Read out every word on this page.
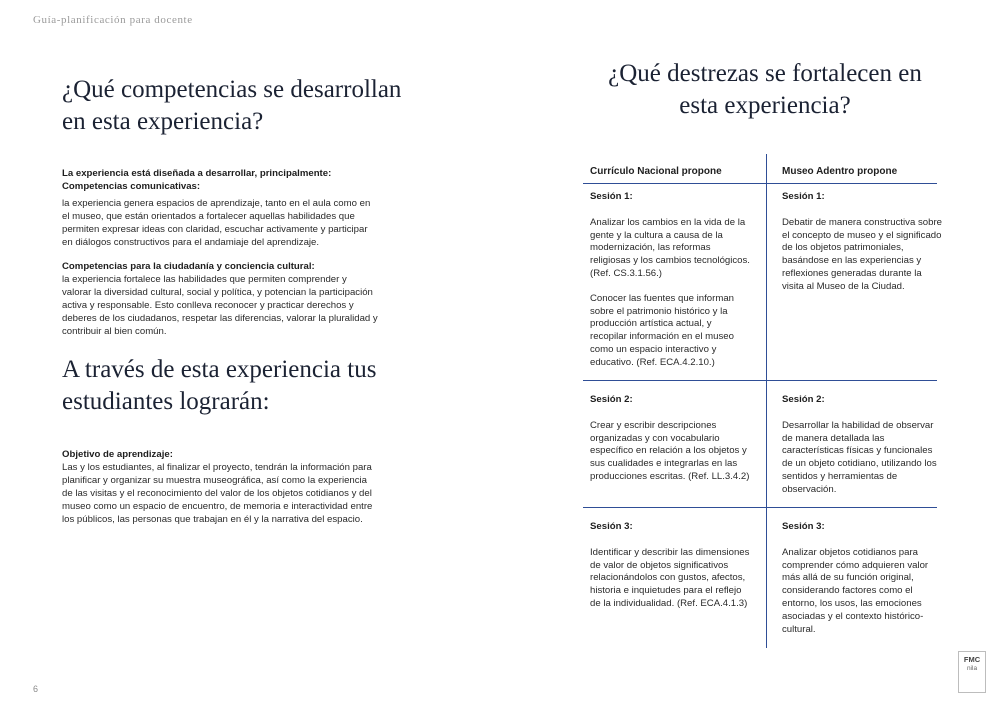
Guía-planificación para docente
¿Qué competencias se desarrollan en esta experiencia?

La experiencia está diseñada a desarrollar, principalmente:

Competencias comunicativas:

la experiencia genera espacios de aprendizaje, tanto en el aula como en el museo, que están orientados a fortalecer aquellas habilidades que permiten expresar ideas con claridad, escuchar activamente y participar en diálogos constructivos para el andamiaje del aprendizaje.

Competencias para la ciudadanía y conciencia cultural:

la experiencia fortalece las habilidades que permiten comprender y valorar la diversidad cultural, social y política, y potencian la participación activa y responsable. Esto conlleva reconocer y practicar derechos y deberes de los ciudadanos, respetar las diferencias, valorar la pluralidad y contribuir al bien común.

A través de esta experiencia tus estudiantes lograrán:

Objetivo de aprendizaje:

Las y los estudiantes, al finalizar el proyecto, tendrán la información para planificar y organizar su muestra museográfica, así como la experiencia de las visitas y el reconocimiento del valor de los objetos cotidianos y del museo como un espacio de encuentro, de memoria e interactividad entre los públicos, las personas que trabajan en él y la narrativa del espacio.

6
¿Qué destrezas se fortalecen en esta experiencia?
Currículo Nacional propone	Museo Adentro propone
Sesión 1:

Analizar los cambios en la vida de la gente y la cultura a causa de la modernización, las reformas religiosas y los cambios tecnológicos. (Ref. CS.3.1.56.)

Conocer las fuentes que informan sobre el patrimonio histórico y la producción artística actual, y recopilar información en el museo como un espacio interactivo y educativo. (Ref. ECA.4.2.10.)

Sesión 1:

Debatir de manera constructiva sobre el concepto de museo y el significado de los objetos patrimoniales, basándose en las experiencias y reflexiones generadas durante la visita al Museo de la Ciudad.

Sesión 2:

Crear y escribir descripciones organizadas y con vocabulario específico en relación a los objetos y sus cualidades e integrarlas en las producciones escritas. (Ref. LL.3.4.2)

Sesión 2:

Desarrollar la habilidad de observar de manera detallada las características físicas y funcionales de un objeto cotidiano, utilizando los sentidos y herramientas de observación.

Sesión 3:

Identificar y describir las dimensiones de valor de objetos significativos relacionándolos con gustos, afectos, historia e inquietudes para el reflejo de la individualidad. (Ref. ECA.4.1.3)

Sesión 3:

Analizar objetos cotidianos para comprender cómo adquieren valor más allá de su función original, considerando factores como el entorno, los usos, las emociones asociadas y el contexto histórico-cultural.

FMC
nila
